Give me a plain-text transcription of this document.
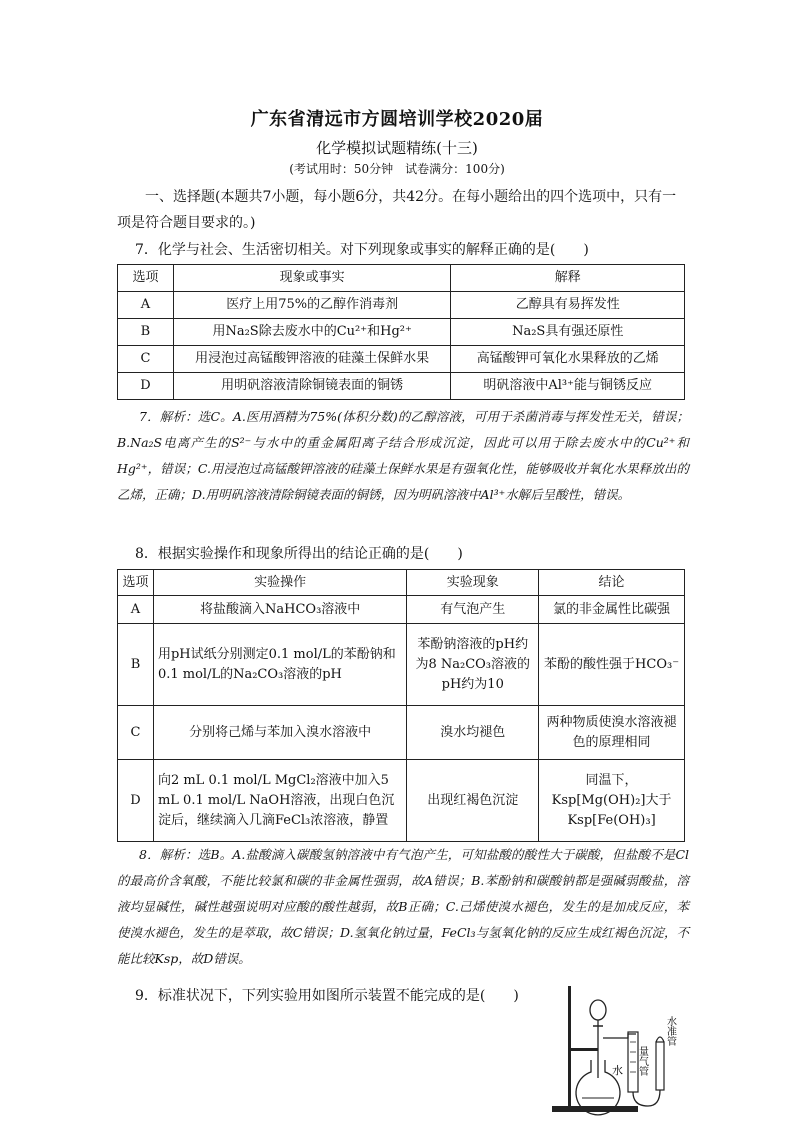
广东省清远市方圆培训学校2020届
化学模拟试题精练(十三)
(考试用时：50分钟　试卷满分：100分)

一、选择题(本题共7小题，每小题6分，共42分。在每小题给出的四个选项中，只有一项是符合题目要求的。)

7．化学与社会、生活密切相关。对下列现象或事实的解释正确的是(　　)

选项	现象或事实	解释
A	医疗上用75%的乙醇作消毒剂	乙醇具有易挥发性
B	用Na₂S除去废水中的Cu²⁺和Hg²⁺	Na₂S具有强还原性
C	用浸泡过高锰酸钾溶液的硅藻土保鲜水果	高锰酸钾可氧化水果释放的乙烯
D	用明矾溶液清除铜镜表面的铜锈	明矾溶液中Al³⁺能与铜锈反应

7．解析：选C。A.医用酒精为75%(体积分数)的乙醇溶液，可用于杀菌消毒与挥发性无关，错误；B.Na₂S电离产生的S²⁻与水中的重金属阳离子结合形成沉淀，因此可以用于除去废水中的Cu²⁺和Hg²⁺，错误；C.用浸泡过高锰酸钾溶液的硅藻土保鲜水果是有强氧化性，能够吸收并氧化水果释放出的乙烯，正确；D.用明矾溶液清除铜镜表面的铜锈，因为明矾溶液中Al³⁺水解后呈酸性，错误。

8．根据实验操作和现象所得出的结论正确的是(　　)

选项	实验操作	实验现象	结论
A	将盐酸滴入NaHCO₃溶液中	有气泡产生	氯的非金属性比碳强
B	用pH试纸分别测定0.1 mol/L的苯酚钠和0.1 mol/L的Na₂CO₃溶液的pH	苯酚钠溶液的pH约为8 Na₂CO₃溶液的pH约为10	苯酚的酸性强于HCO₃⁻
C	分别将己烯与苯加入溴水溶液中	溴水均褪色	两种物质使溴水溶液褪色的原理相同
D	向2 mL 0.1 mol/L MgCl₂溶液中加入5 mL 0.1 mol/L NaOH溶液，出现白色沉淀后，继续滴入几滴FeCl₃浓溶液，静置	出现红褐色沉淀	同温下，Ksp[Mg(OH)₂]大于Ksp[Fe(OH)₃]

8．解析：选B。A.盐酸滴入碳酸氢钠溶液中有气泡产生，可知盐酸的酸性大于碳酸，但盐酸不是Cl的最高价含氧酸，不能比较氯和碳的非金属性强弱，故A错误；B.苯酚钠和碳酸钠都是强碱弱酸盐，溶液均显碱性，碱性越强说明对应酸的酸性越弱，故B正确；C.己烯使溴水褪色，发生的是加成反应，苯使溴水褪色，发生的是萃取，故C错误；D.氢氧化钠过量，FeCl₃与氢氧化钠的反应生成红褐色沉淀，不能比较Ksp，故D错误。

9．标准状况下，下列实验用如图所示装置不能完成的是(　　)

水 量气管
水准管
